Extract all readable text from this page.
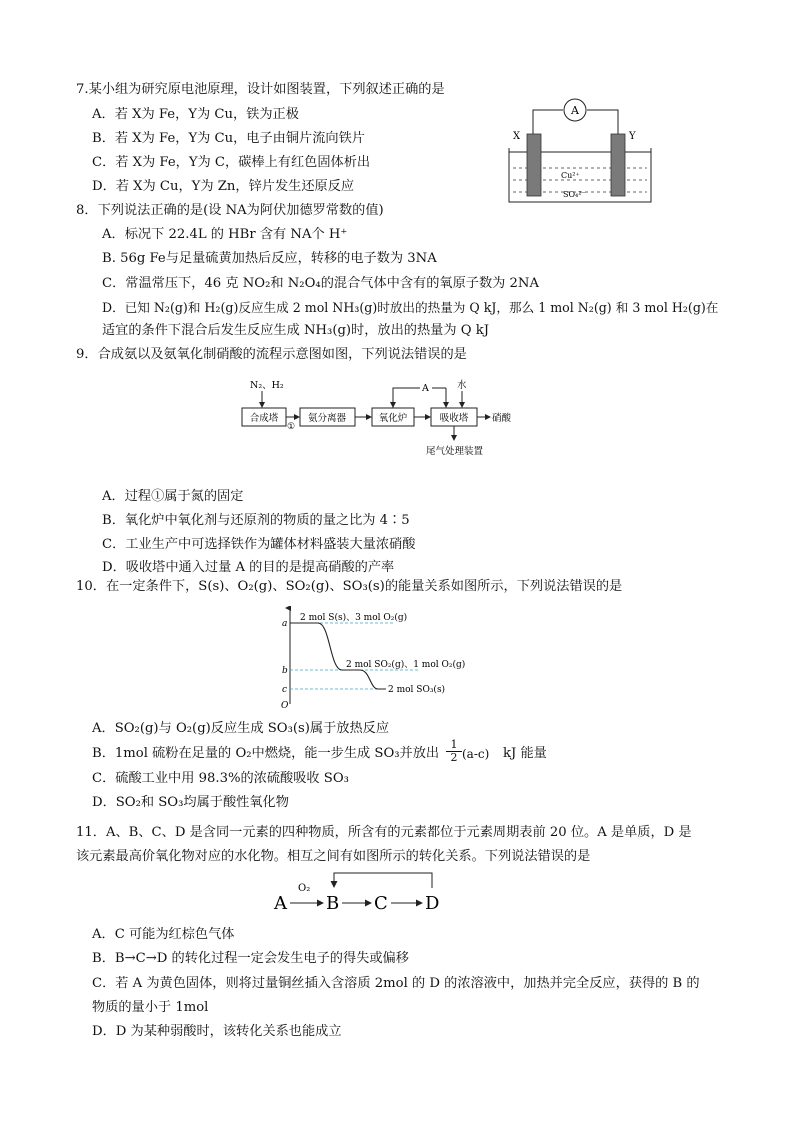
7.某小组为研究原电池原理，设计如图装置，下列叙述正确的是
A．若 X为 Fe，Y为 Cu，铁为正极
B．若 X为 Fe，Y为 Cu，电子由铜片流向铁片
C．若 X为 Fe，Y为 C，碳棒上有红色固体析出
D．若 X为 Cu，Y为 Zn，锌片发生还原反应
A
X	Y
Cu²⁺
SO₄²⁻
8．下列说法正确的是(设 NA为阿伏加德罗常数的值)
A．标况下 22.4L 的 HBr 含有 NA个 H⁺
B. 56g Fe与足量硫黄加热后反应，转移的电子数为 3NA
C．常温常压下，46 克 NO₂和 N₂O₄的混合气体中含有的氧原子数为 2NA
D．已知 N₂(g)和 H₂(g)反应生成 2 mol NH₃(g)时放出的热量为 Q kJ，那么 1 mol N₂(g) 和 3 mol H₂(g)在
适宜的条件下混合后发生反应生成 NH₃(g)时，放出的热量为 Q kJ
9．合成氨以及氨氧化制硝酸的流程示意图如图，下列说法错误的是
N₂、H₂
合成塔
①
氨分离器	氧化炉	吸收塔
A	水
硝酸
尾气处理装置
A．过程①属于氮的固定
B．氧化炉中氧化剂与还原剂的物质的量之比为 4∶5
C．工业生产中可选择铁作为罐体材料盛装大量浓硝酸
D．吸收塔中通入过量 A 的目的是提高硝酸的产率
10．在一定条件下，S(s)、O₂(g)、SO₂(g)、SO₃(s)的能量关系如图所示，下列说法错误的是
O
a
b
c
2 mol S(s)、3 mol O₂(g)
2 mol SO₂(g)、1 mol O₂(g)
2 mol SO₃(s)
A．SO₂(g)与 O₂(g)反应生成 SO₃(s)属于放热反应
B．1mol 硫粉在足量的 O₂中燃烧，能一步生成 SO₃并放出 $\frac{1}{2} (a-c)$ kJ 能量
C．硫酸工业中用 98.3%的浓硫酸吸收 SO₃
D．SO₂和 SO₃均属于酸性氧化物
11．A、B、C、D 是含同一元素的四种物质，所含有的元素都位于元素周期表前 20 位。A 是单质，D 是
该元素最高价氧化物对应的水化物。相互之间有如图所示的转化关系。下列说法错误的是
A
O₂
B C D
A．C 可能为红棕色气体
B．B→C→D 的转化过程一定会发生电子的得失或偏移
C．若 A 为黄色固体，则将过量铜丝插入含溶质 2mol 的 D 的浓溶液中，加热并完全反应，获得的 B 的
物质的量小于 1mol
D．D 为某种弱酸时，该转化关系也能成立
